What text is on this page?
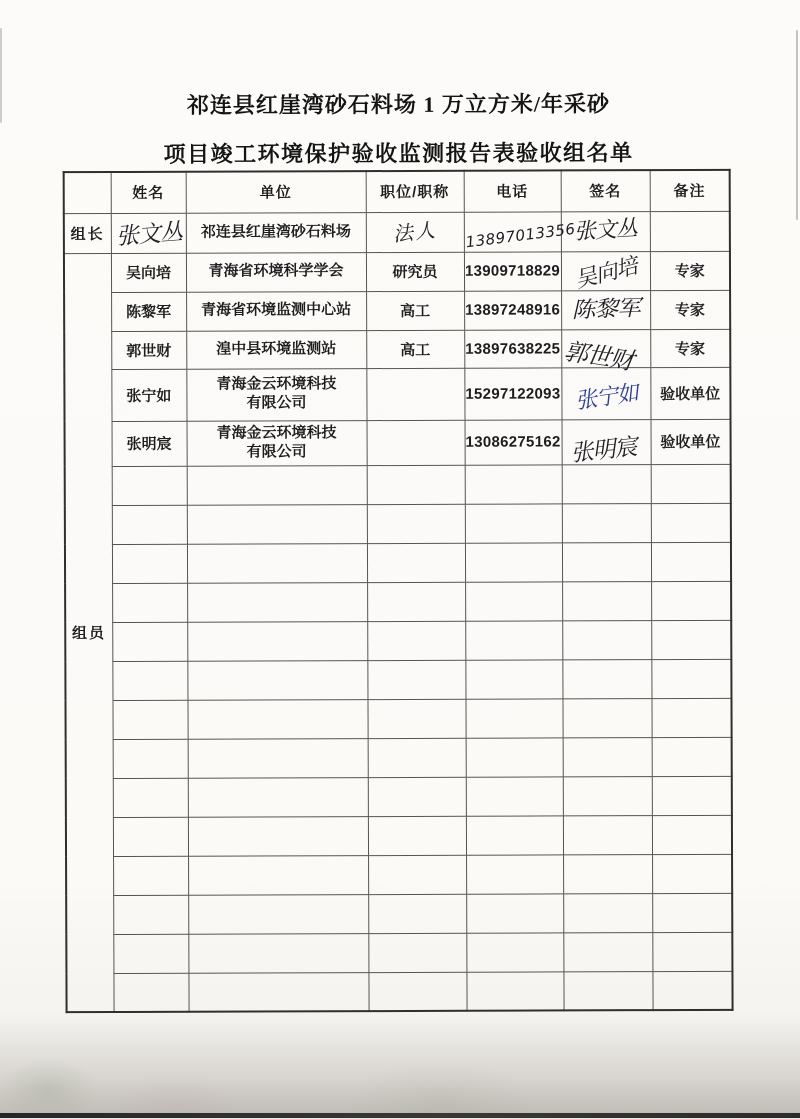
祁连县红崖湾砂石料场 1 万立方米/年采砂
项目竣工环境保护验收监测报告表验收组名单
	姓名	单位	职位/职称	电话	签名	备注
组长	张文丛	祁连县红崖湾砂石料场	法人	13897013356	张文丛	
组员	吴向培	青海省环境科学学会	研究员	13909718829	吴向培	专家
	陈黎军	青海省环境监测中心站	高工	13897248916	陈黎军	专家
	郭世财	湟中县环境监测站	高工	13897638225	郭世财	专家
	张宁如	青海金云环境科技
有限公司		15297122093	张宁如	验收单位
	张明宸	青海金云环境科技
有限公司		13086275162	张明宸	验收单位
